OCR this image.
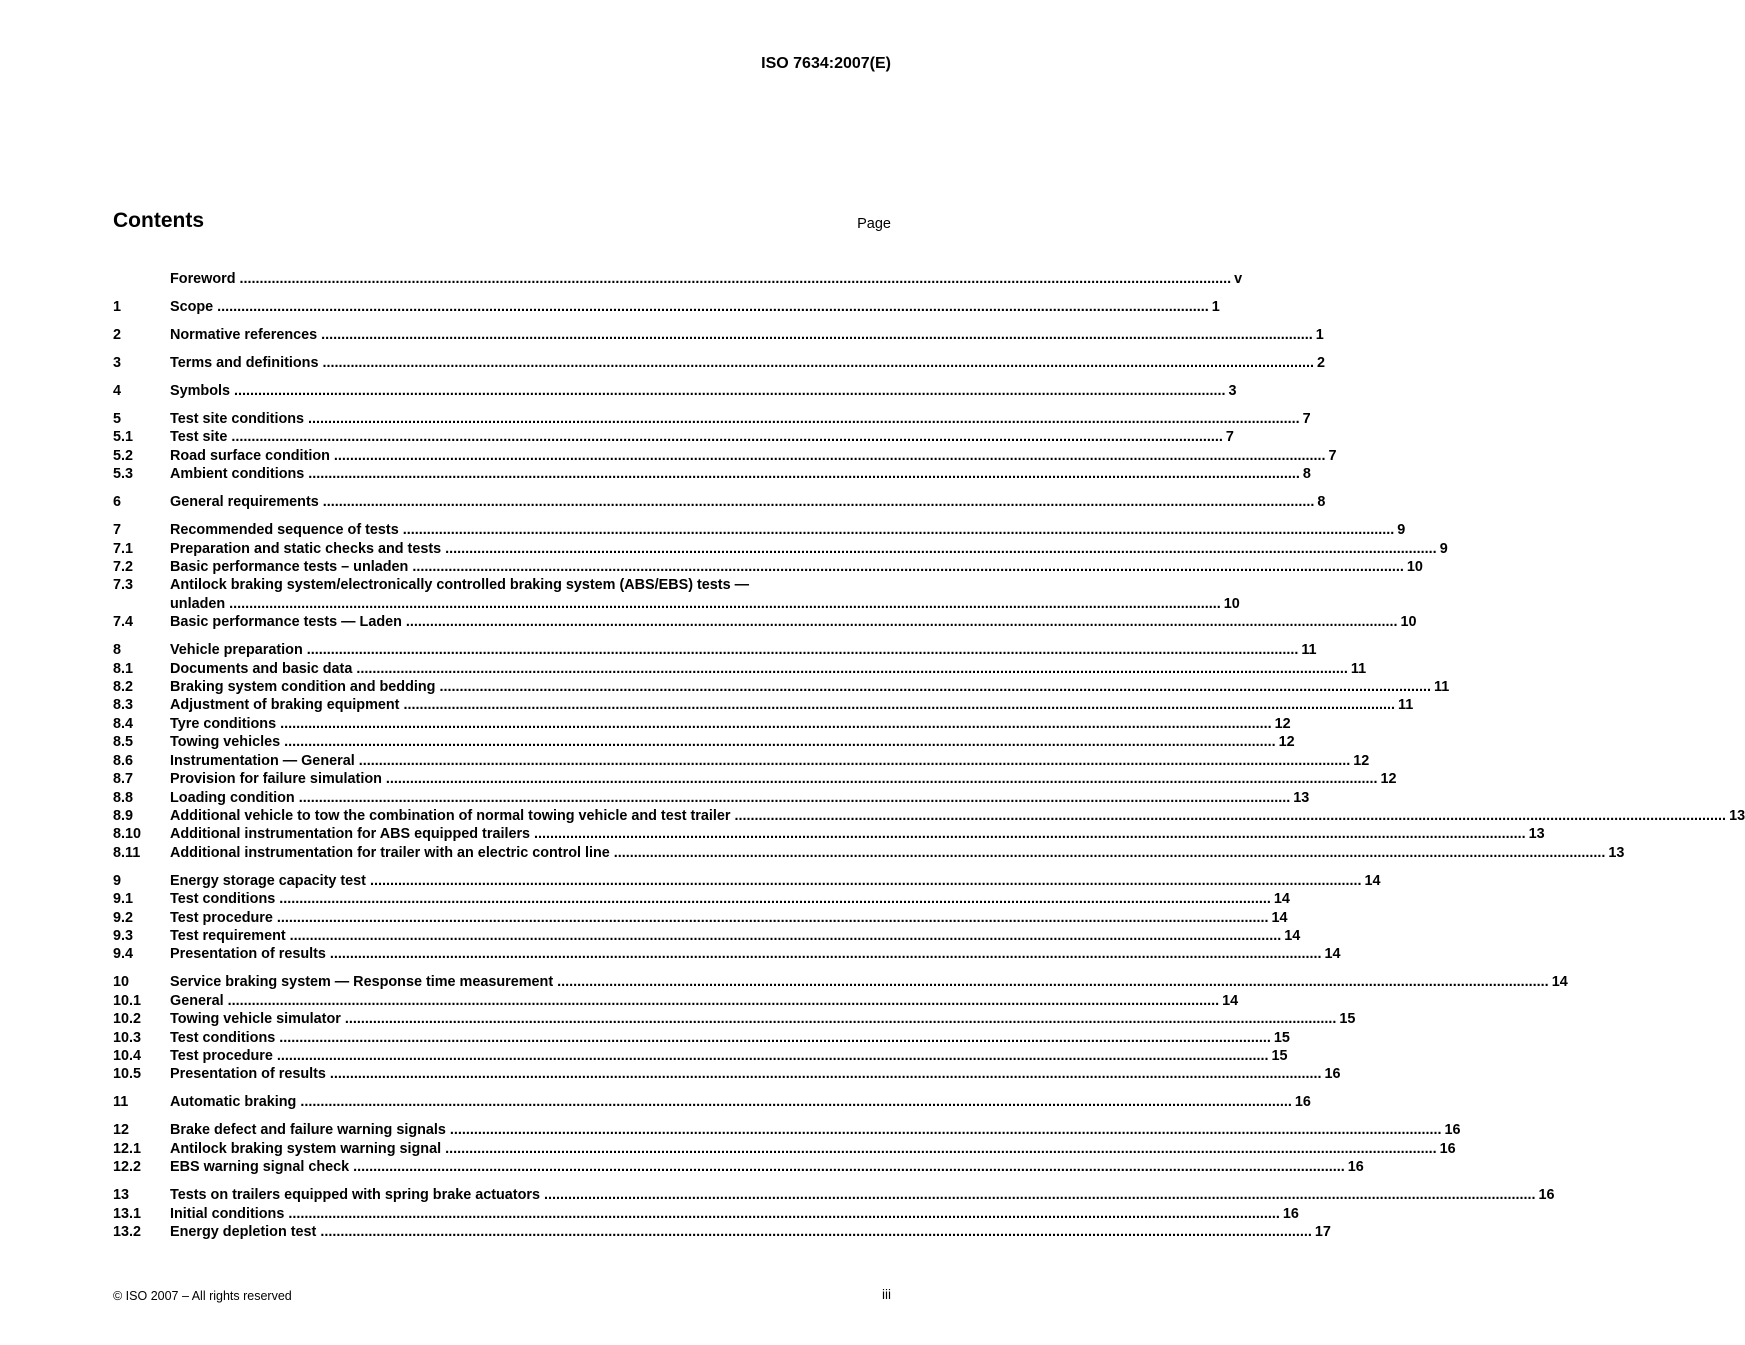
ISO 7634:2007(E)
Contents	Page
Foreword .....	v
1	Scope .....	1
2	Normative references .....	1
3	Terms and definitions .....	2
4	Symbols .....	3
5	Test site conditions .....	7
5.1	Test site .....	7
5.2	Road surface condition .....	7
5.3	Ambient conditions .....	8
6	General requirements .....	8
7	Recommended sequence of tests .....	9
7.1	Preparation and static checks and tests .....	9
7.2	Basic performance tests – unladen .....	10
7.3	Antilock braking system/electronically controlled braking system (ABS/EBS) tests —
unladen .....	10
7.4	Basic performance tests — Laden .....	10
8	Vehicle preparation .....	11
8.1	Documents and basic data .....	11
8.2	Braking system condition and bedding .....	11
8.3	Adjustment of braking equipment .....	11
8.4	Tyre conditions .....	12
8.5	Towing vehicles .....	12
8.6	Instrumentation — General .....	12
8.7	Provision for failure simulation .....	12
8.8	Loading condition .....	13
8.9	Additional vehicle to tow the combination of normal towing vehicle and test trailer .....	13
8.10	Additional instrumentation for ABS equipped trailers .....	13
8.11	Additional instrumentation for trailer with an electric control line .....	13
9	Energy storage capacity test .....	14
9.1	Test conditions .....	14
9.2	Test procedure .....	14
9.3	Test requirement .....	14
9.4	Presentation of results .....	14
10	Service braking system — Response time measurement .....	14
10.1	General .....	14
10.2	Towing vehicle simulator .....	15
10.3	Test conditions .....	15
10.4	Test procedure .....	15
10.5	Presentation of results .....	16
11	Automatic braking .....	16
12	Brake defect and failure warning signals .....	16
12.1	Antilock braking system warning signal .....	16
12.2	EBS warning signal check .....	16
13	Tests on trailers equipped with spring brake actuators .....	16
13.1	Initial conditions .....	16
13.2	Energy depletion test .....	17
© ISO 2007 – All rights reserved	iii
